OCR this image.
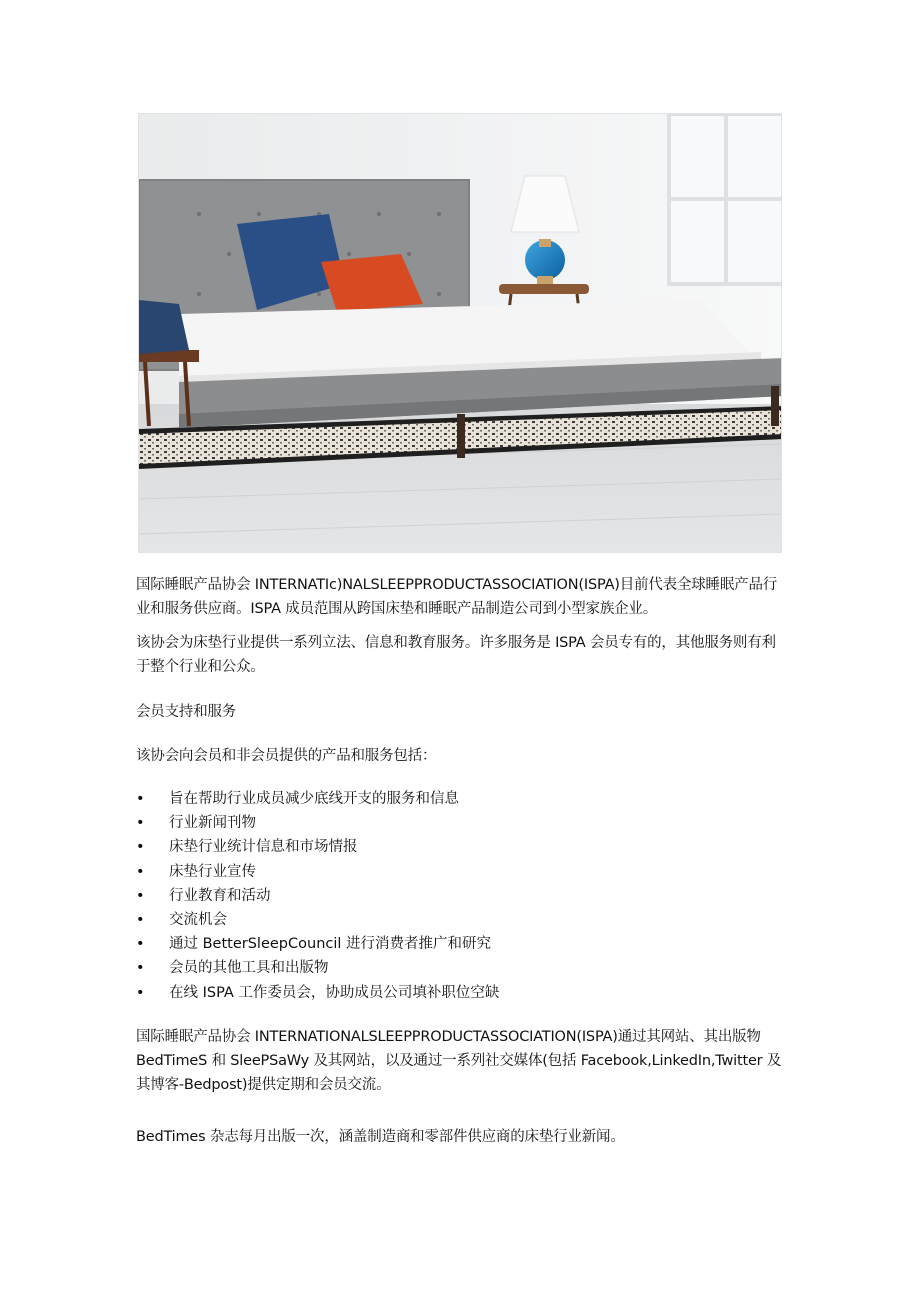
国际睡眠产品协会 INTERNATIc)NALSLEEPPRODUCTASSOCIATION(ISPA)目前代表全球睡眠产品行业和服务供应商。ISPA 成员范围从跨国床垫和睡眠产品制造公司到小型家族企业。

该协会为床垫行业提供一系列立法、信息和教育服务。许多服务是 ISPA 会员专有的，其他服务则有利于整个行业和公众。

会员支持和服务

该协会向会员和非会员提供的产品和服务包括：

• 旨在帮助行业成员减少底线开支的服务和信息
• 行业新闻刊物
• 床垫行业统计信息和市场情报
• 床垫行业宣传
• 行业教育和活动
• 交流机会
• 通过 BetterSleepCouncil 进行消费者推广和研究
• 会员的其他工具和出版物
• 在线 ISPA 工作委员会，协助成员公司填补职位空缺

国际睡眠产品协会 INTERNATIONALSLEEPPRODUCTASSOCIATION(ISPA)通过其网站、其出版物 BedTimeS 和 SleePSaWy 及其网站，以及通过一系列社交媒体(包括 Facebook,LinkedIn,Twitter 及其博客-Bedpost)提供定期和会员交流。

BedTimes 杂志每月出版一次，涵盖制造商和零部件供应商的床垫行业新闻。
